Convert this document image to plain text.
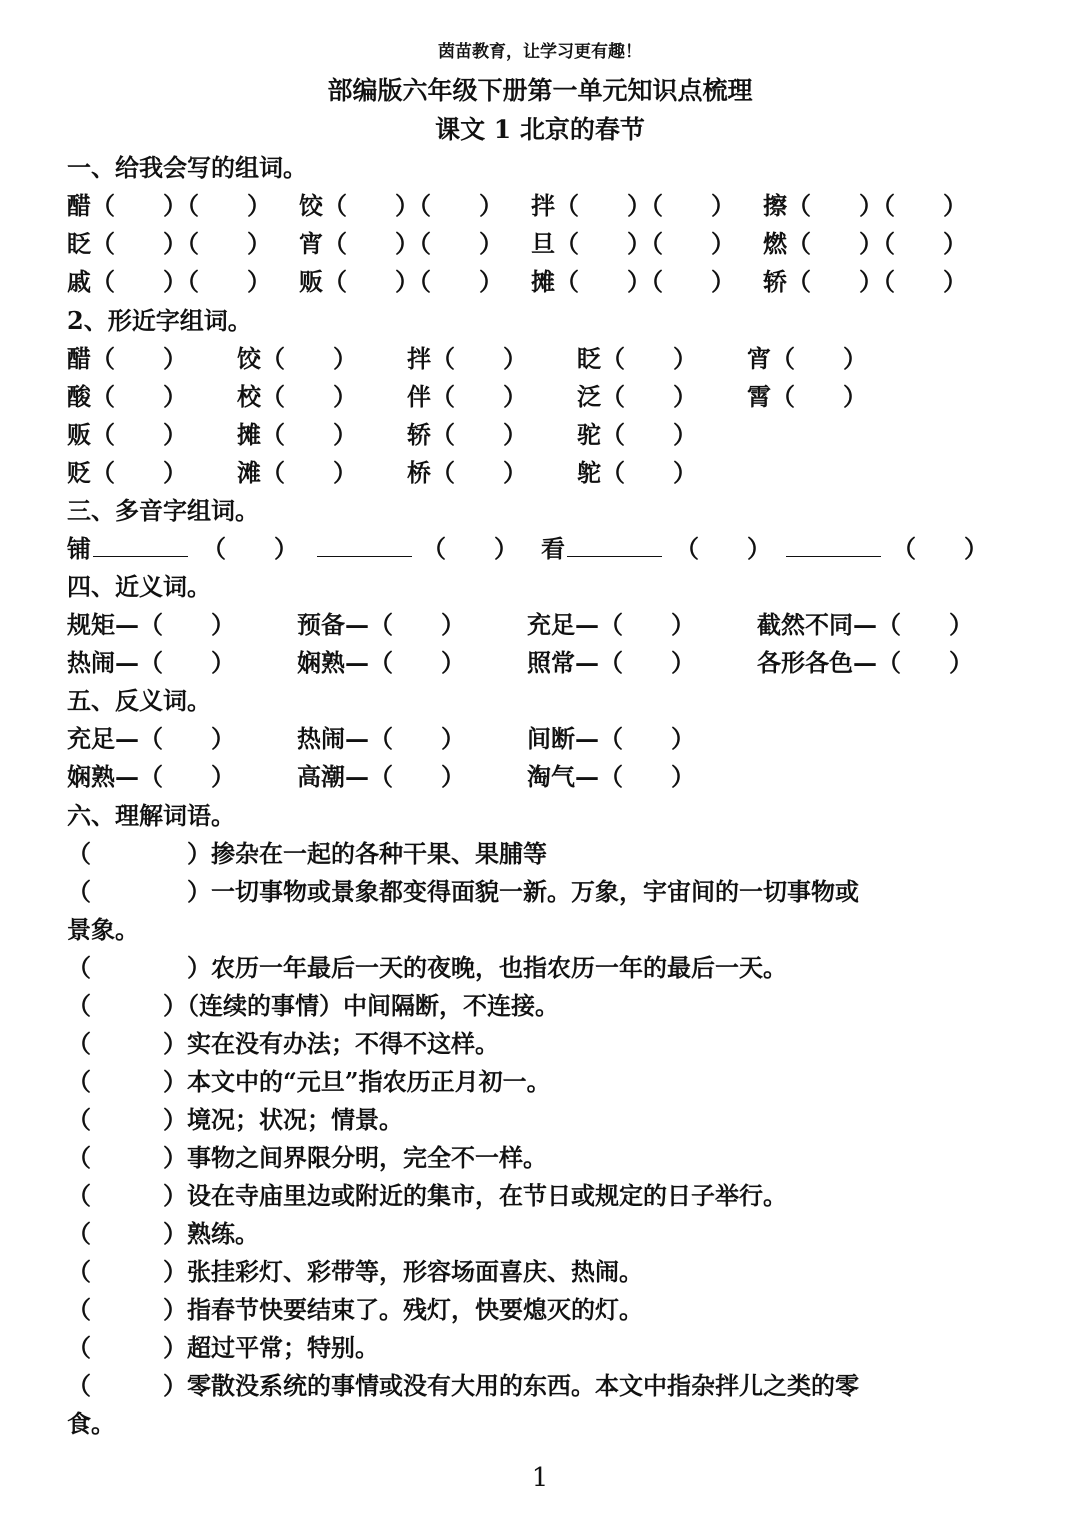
茵苗教育，让学习更有趣！
部编版六年级下册第一单元知识点梳理
课文 1 北京的春节
一、给我会写的组词。
醋（　　）（　　） 饺（　　）（　　） 拌（　　）（　　） 擦（　　）（　　）
眨（　　）（　　） 宵（　　）（　　） 旦（　　）（　　） 燃（　　）（　　）
戚（　　）（　　） 贩（　　）（　　） 摊（　　）（　　） 轿（　　）（　　）
2、形近字组词。
醋（　　） 饺（　　） 拌（　　） 眨（　　） 宵（　　）
酸（　　） 校（　　） 伴（　　） 泛（　　） 霄（　　）
贩（　　） 摊（　　） 轿（　　） 驼（　　）
贬（　　） 滩（　　） 桥（　　） 鸵（　　）
三、多音字组词。
铺	（　　）	（　　） 看	（　　）	（　　）
四、近义词。
规矩—（　　）	预备—（　　）	充足—（　　）	截然不同—（　　）
热闹—（　　）	娴熟—（　　）	照常—（　　）	各形各色—（　　）
五、反义词。
充足—（　　）	热闹—（　　）	间断—（　　）
娴熟—（　　）	高潮—（　　）	淘气—（　　）
六、理解词语。
（　　　　）掺杂在一起的各种干果、果脯等
（　　　　）一切事物或景象都变得面貌一新。万象，宇宙间的一切事物或
景象。
（　　　　）农历一年最后一天的夜晚，也指农历一年的最后一天。
（　　　）（连续的事情）中间隔断，不连接。
（　　　）实在没有办法；不得不这样。
（　　　）本文中的“元旦”指农历正月初一。
（　　　）境况；状况；情景。
（　　　）事物之间界限分明，完全不一样。
（　　　）设在寺庙里边或附近的集市，在节日或规定的日子举行。
（　　　）熟练。
（　　　）张挂彩灯、彩带等，形容场面喜庆、热闹。
（　　　）指春节快要结束了。残灯，快要熄灭的灯。
（　　　）超过平常；特别。
（　　　）零散没系统的事情或没有大用的东西。本文中指杂拌儿之类的零
食。
1
